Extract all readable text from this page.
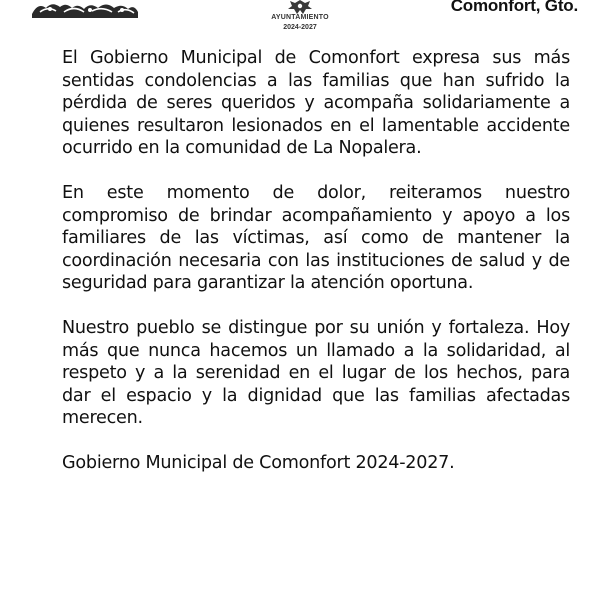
AYUNTAMIENTO
2024-2027
Comonfort, Gto.

El Gobierno Municipal de Comonfort expresa sus más sentidas condolencias a las familias que han sufrido la pérdida de seres queridos y acompaña solidariamente a quienes resultaron lesionados en el lamentable accidente ocurrido en la comunidad de La Nopalera.

En este momento de dolor, reiteramos nuestro compromiso de brindar acompañamiento y apoyo a los familiares de las víctimas, así como de mantener la coordinación necesaria con las instituciones de salud y de seguridad para garantizar la atención oportuna.

Nuestro pueblo se distingue por su unión y fortaleza. Hoy más que nunca hacemos un llamado a la solidaridad, al respeto y a la serenidad en el lugar de los hechos, para dar el espacio y la dignidad que las familias afectadas merecen.

Gobierno Municipal de Comonfort 2024-2027.
